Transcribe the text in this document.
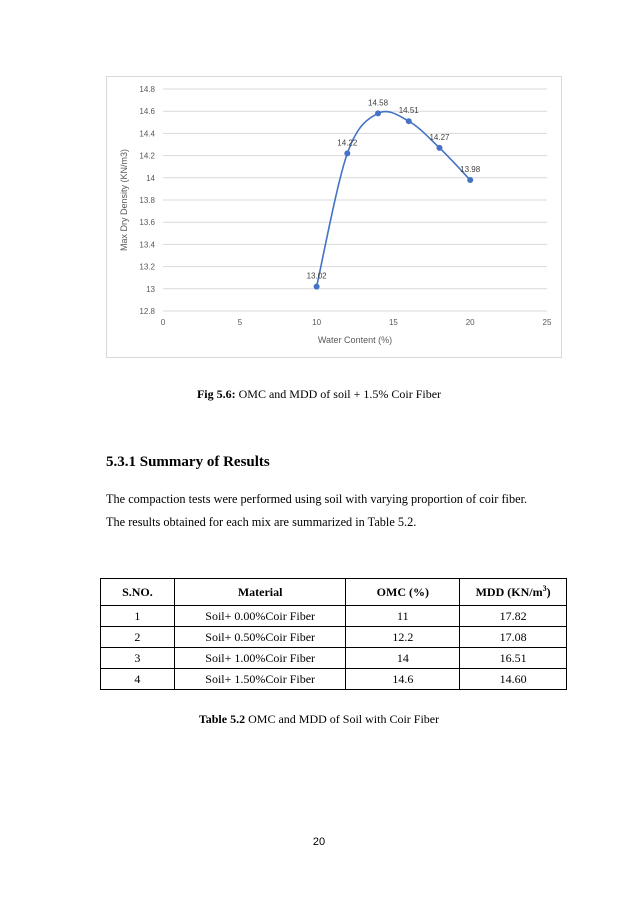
12.8
13
13.2
13.4
13.6
13.8
14
14.2
14.4
14.6
14.8
0	5	10	15	20	25
13.02
14.22
14.58
14.51
14.27
13.98
Water Content (%)
Max Dry Density (KN/m3)
Fig 5.6: OMC and MDD of soil + 1.5% Coir Fiber
5.3.1 Summary of Results
The compaction tests were performed using soil with varying proportion of coir fiber.
The results obtained for each mix are summarized in Table 5.2.
S.NO.	Material	OMC (%)	MDD $(KN/m^3)$
1	Soil+ 0.00%Coir Fiber	11	17.82
2	Soil+ 0.50%Coir Fiber	12.2	17.08
3	Soil+ 1.00%Coir Fiber	14	16.51
4	Soil+ 1.50%Coir Fiber	14.6	14.60
Table 5.2 OMC and MDD of Soil with Coir Fiber
20
